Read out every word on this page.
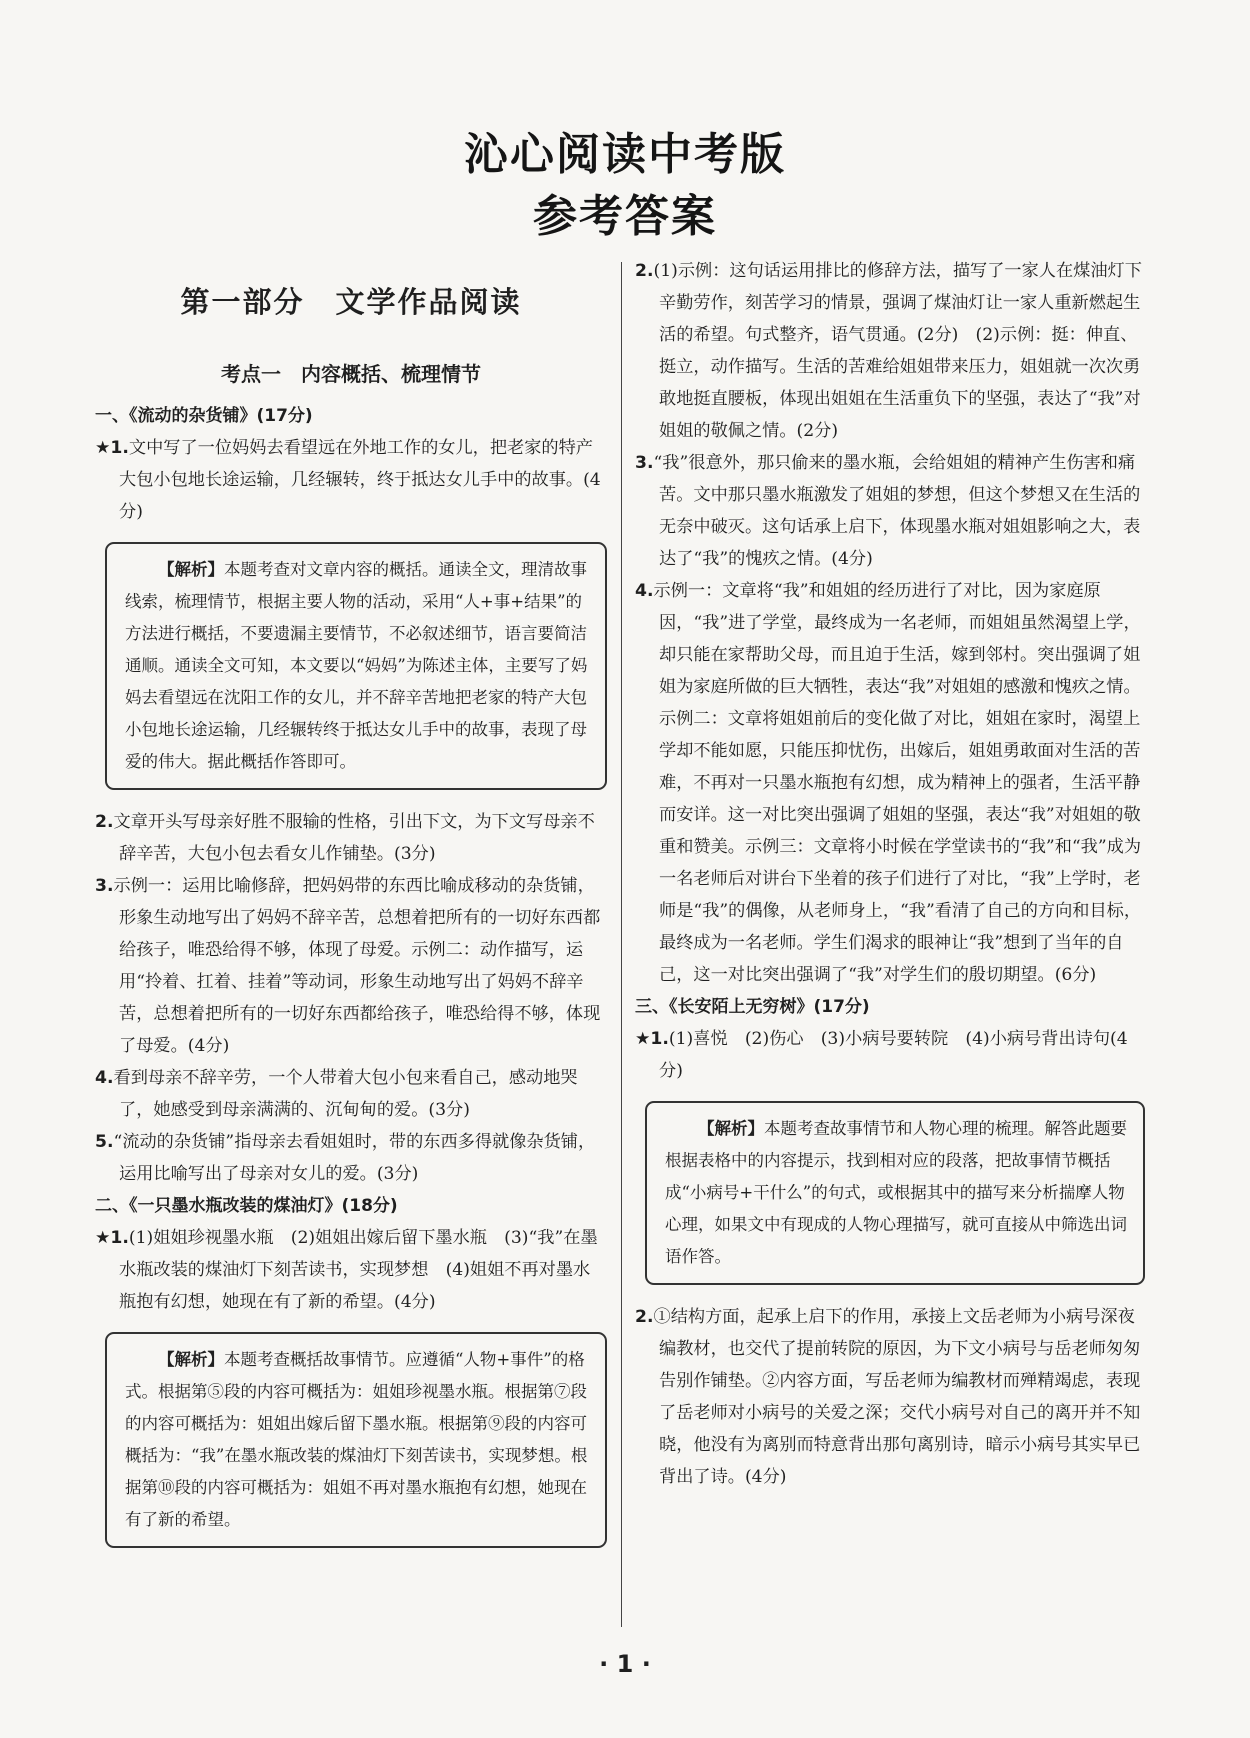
沁心阅读中考版
参考答案
第一部分　文学作品阅读
考点一　内容概括、梳理情节

一、《流动的杂货铺》(17分)

★1.文中写了一位妈妈去看望远在外地工作的女儿，把老家的特产大包小包地长途运输，几经辗转，终于抵达女儿手中的故事。(4分)

【解析】本题考查对文章内容的概括。通读全文，理清故事线索，梳理情节，根据主要人物的活动，采用“人+事+结果”的方法进行概括，不要遗漏主要情节，不必叙述细节，语言要简洁通顺。通读全文可知，本文要以“妈妈”为陈述主体，主要写了妈妈去看望远在沈阳工作的女儿，并不辞辛苦地把老家的特产大包小包地长途运输，几经辗转终于抵达女儿手中的故事，表现了母爱的伟大。据此概括作答即可。

2.文章开头写母亲好胜不服输的性格，引出下文，为下文写母亲不辞辛苦，大包小包去看女儿作铺垫。(3分)

3.示例一：运用比喻修辞，把妈妈带的东西比喻成移动的杂货铺，形象生动地写出了妈妈不辞辛苦，总想着把所有的一切好东西都给孩子，唯恐给得不够，体现了母爱。示例二：动作描写，运用“拎着、扛着、挂着”等动词，形象生动地写出了妈妈不辞辛苦，总想着把所有的一切好东西都给孩子，唯恐给得不够，体现了母爱。(4分)

4.看到母亲不辞辛劳，一个人带着大包小包来看自己，感动地哭了，她感受到母亲满满的、沉甸甸的爱。(3分)

5.“流动的杂货铺”指母亲去看姐姐时，带的东西多得就像杂货铺，运用比喻写出了母亲对女儿的爱。(3分)

二、《一只墨水瓶改装的煤油灯》(18分)

★1.(1)姐姐珍视墨水瓶　(2)姐姐出嫁后留下墨水瓶　(3)“我”在墨水瓶改装的煤油灯下刻苦读书，实现梦想　(4)姐姐不再对墨水瓶抱有幻想，她现在有了新的希望。(4分)

【解析】本题考查概括故事情节。应遵循“人物+事件”的格式。根据第⑤段的内容可概括为：姐姐珍视墨水瓶。根据第⑦段的内容可概括为：姐姐出嫁后留下墨水瓶。根据第⑨段的内容可概括为：“我”在墨水瓶改装的煤油灯下刻苦读书，实现梦想。根据第⑩段的内容可概括为：姐姐不再对墨水瓶抱有幻想，她现在有了新的希望。

2.(1)示例：这句话运用排比的修辞方法，描写了一家人在煤油灯下辛勤劳作，刻苦学习的情景，强调了煤油灯让一家人重新燃起生活的希望。句式整齐，语气贯通。(2分)　(2)示例：挺：伸直、挺立，动作描写。生活的苦难给姐姐带来压力，姐姐就一次次勇敢地挺直腰板，体现出姐姐在生活重负下的坚强，表达了“我”对姐姐的敬佩之情。(2分)

3.“我”很意外，那只偷来的墨水瓶，会给姐姐的精神产生伤害和痛苦。文中那只墨水瓶激发了姐姐的梦想，但这个梦想又在生活的无奈中破灭。这句话承上启下，体现墨水瓶对姐姐影响之大，表达了“我”的愧疚之情。(4分)

4.示例一：文章将“我”和姐姐的经历进行了对比，因为家庭原因，“我”进了学堂，最终成为一名老师，而姐姐虽然渴望上学，却只能在家帮助父母，而且迫于生活，嫁到邻村。突出强调了姐姐为家庭所做的巨大牺牲，表达“我”对姐姐的感激和愧疚之情。示例二：文章将姐姐前后的变化做了对比，姐姐在家时，渴望上学却不能如愿，只能压抑忧伤，出嫁后，姐姐勇敢面对生活的苦难，不再对一只墨水瓶抱有幻想，成为精神上的强者，生活平静而安详。这一对比突出强调了姐姐的坚强，表达“我”对姐姐的敬重和赞美。示例三：文章将小时候在学堂读书的“我”和“我”成为一名老师后对讲台下坐着的孩子们进行了对比，“我”上学时，老师是“我”的偶像，从老师身上，“我”看清了自己的方向和目标，最终成为一名老师。学生们渴求的眼神让“我”想到了当年的自己，这一对比突出强调了“我”对学生们的殷切期望。(6分)

三、《长安陌上无穷树》(17分)

★1.(1)喜悦　(2)伤心　(3)小病号要转院　(4)小病号背出诗句(4分)

【解析】本题考查故事情节和人物心理的梳理。解答此题要根据表格中的内容提示，找到相对应的段落，把故事情节概括成“小病号+干什么”的句式，或根据其中的描写来分析揣摩人物心理，如果文中有现成的人物心理描写，就可直接从中筛选出词语作答。

2.①结构方面，起承上启下的作用，承接上文岳老师为小病号深夜编教材，也交代了提前转院的原因，为下文小病号与岳老师匆匆告别作铺垫。②内容方面，写岳老师为编教材而殚精竭虑，表现了岳老师对小病号的关爱之深；交代小病号对自己的离开并不知晓，他没有为离别而特意背出那句离别诗，暗示小病号其实早已背出了诗。(4分)

· 1 ·
